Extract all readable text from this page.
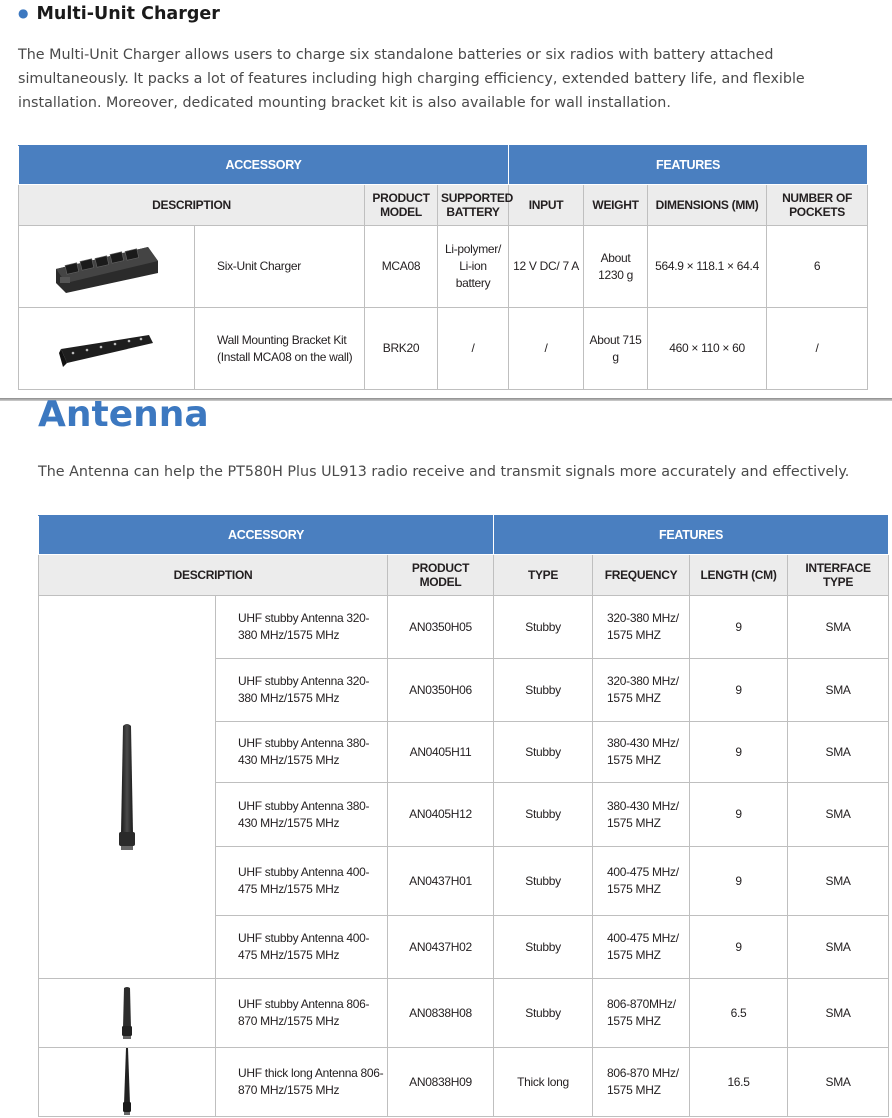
● Multi-Unit Charger

The Multi-Unit Charger allows users to charge six standalone batteries or six radios with battery attached simultaneously. It packs a lot of features including high charging efficiency, extended battery life, and flexible installation. Moreover, dedicated mounting bracket kit is also available for wall installation.

ACCESSORY				FEATURES			
DESCRIPTION		PRODUCT MODEL	SUPPORTED BATTERY	INPUT	WEIGHT	DIMENSIONS (MM)	NUMBER OF POCKETS

	Six-Unit Charger	MCA08	Li-polymer/ Li-ion battery	12 V DC/ 7 A	About 1230 g	564.9 × 118.1 × 64.4	6

	Wall Mounting Bracket Kit (Install MCA08 on the wall)	BRK20	/	/	About 715 g	460 × 110 × 60	/
Antenna

The Antenna can help the PT580H Plus UL913 radio receive and transmit signals more accurately and effectively.

ACCESSORY			FEATURES			
DESCRIPTION		PRODUCT MODEL	TYPE	FREQUENCY	LENGTH (CM)	INTERFACE TYPE

	UHF stubby Antenna 320-380 MHz/1575 MHz	AN0350H05	Stubby	320-380 MHz/ 1575 MHZ	9	SMA
	UHF stubby Antenna 320-380 MHz/1575 MHz	AN0350H06	Stubby	320-380 MHz/ 1575 MHZ	9	SMA
	UHF stubby Antenna 380-430 MHz/1575 MHz	AN0405H11	Stubby	380-430 MHz/ 1575 MHZ	9	SMA
	UHF stubby Antenna 380-430 MHz/1575 MHz	AN0405H12	Stubby	380-430 MHz/ 1575 MHZ	9	SMA
	UHF stubby Antenna 400-475 MHz/1575 MHz	AN0437H01	Stubby	400-475 MHz/ 1575 MHZ	9	SMA
	UHF stubby Antenna 400-475 MHz/1575 MHz	AN0437H02	Stubby	400-475 MHz/ 1575 MHZ	9	SMA

	UHF stubby Antenna 806-870 MHz/1575 MHz	AN0838H08	Stubby	806-870MHz/ 1575 MHZ	6.5	SMA

	UHF thick long Antenna 806-870 MHz/1575 MHz	AN0838H09	Thick long	806-870 MHz/ 1575 MHZ	16.5	SMA
